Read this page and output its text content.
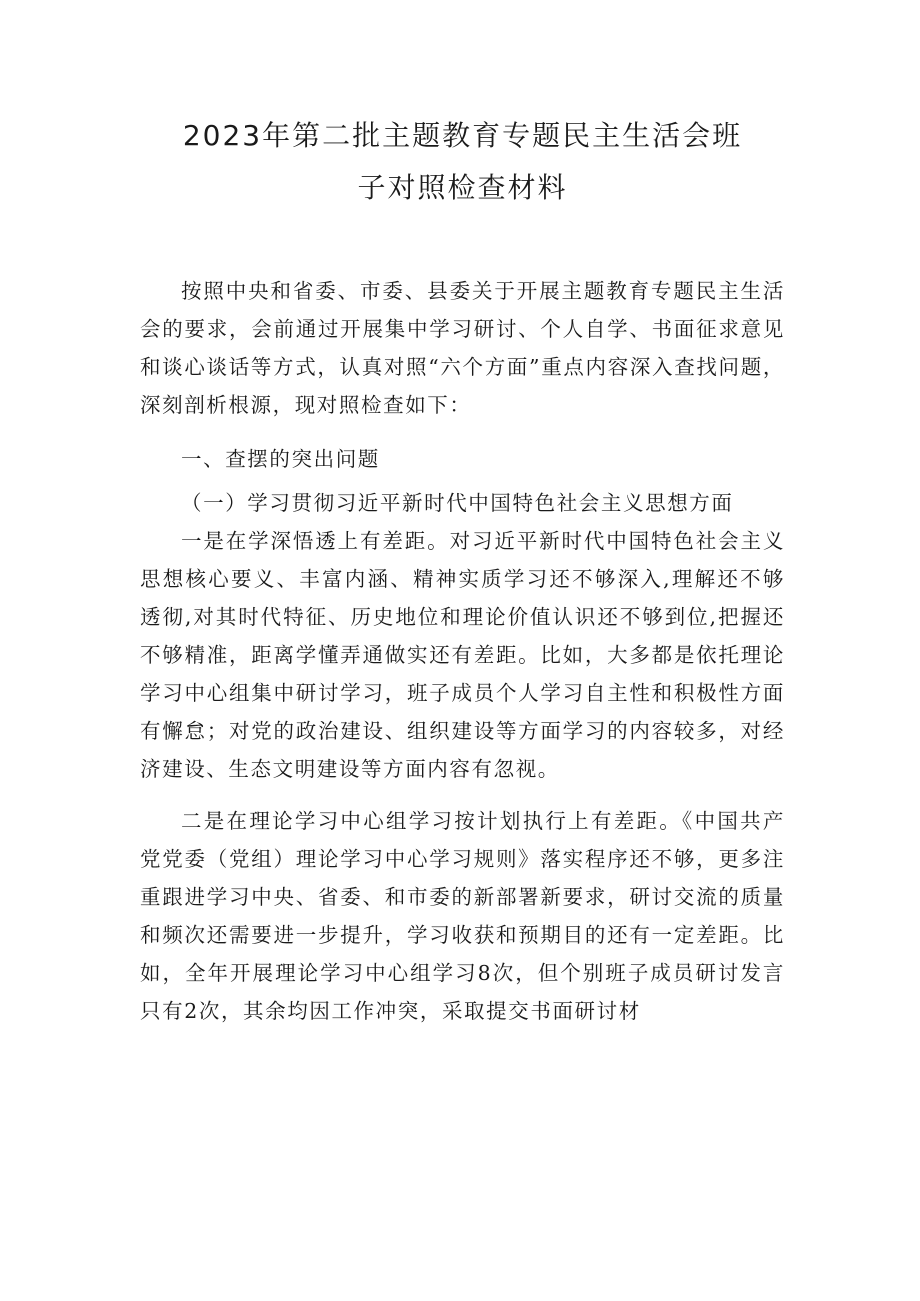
2023年第二批主题教育专题民主生活会班
子对照检查材料

按照中央和省委、市委、县委关于开展主题教育专题民主生活会的要求，会前通过开展集中学习研讨、个人自学、书面征求意见和谈心谈话等方式，认真对照“六个方面”重点内容深入查找问题，深刻剖析根源，现对照检查如下：

一、查摆的突出问题

（一）学习贯彻习近平新时代中国特色社会主义思想方面

一是在学深悟透上有差距。对习近平新时代中国特色社会主义思想核心要义、丰富内涵、精神实质学习还不够深入,理解还不够透彻,对其时代特征、历史地位和理论价值认识还不够到位,把握还不够精准，距离学懂弄通做实还有差距。比如，大多都是依托理论学习中心组集中研讨学习，班子成员个人学习自主性和积极性方面有懈怠；对党的政治建设、组织建设等方面学习的内容较多，对经济建设、生态文明建设等方面内容有忽视。

二是在理论学习中心组学习按计划执行上有差距。《中国共产党党委（党组）理论学习中心学习规则》落实程序还不够，更多注重跟进学习中央、省委、和市委的新部署新要求，研讨交流的质量和频次还需要进一步提升，学习收获和预期目的还有一定差距。比如，全年开展理论学习中心组学习8次，但个别班子成员研讨发言只有2次，其余均因工作冲突，采取提交书面研讨材
